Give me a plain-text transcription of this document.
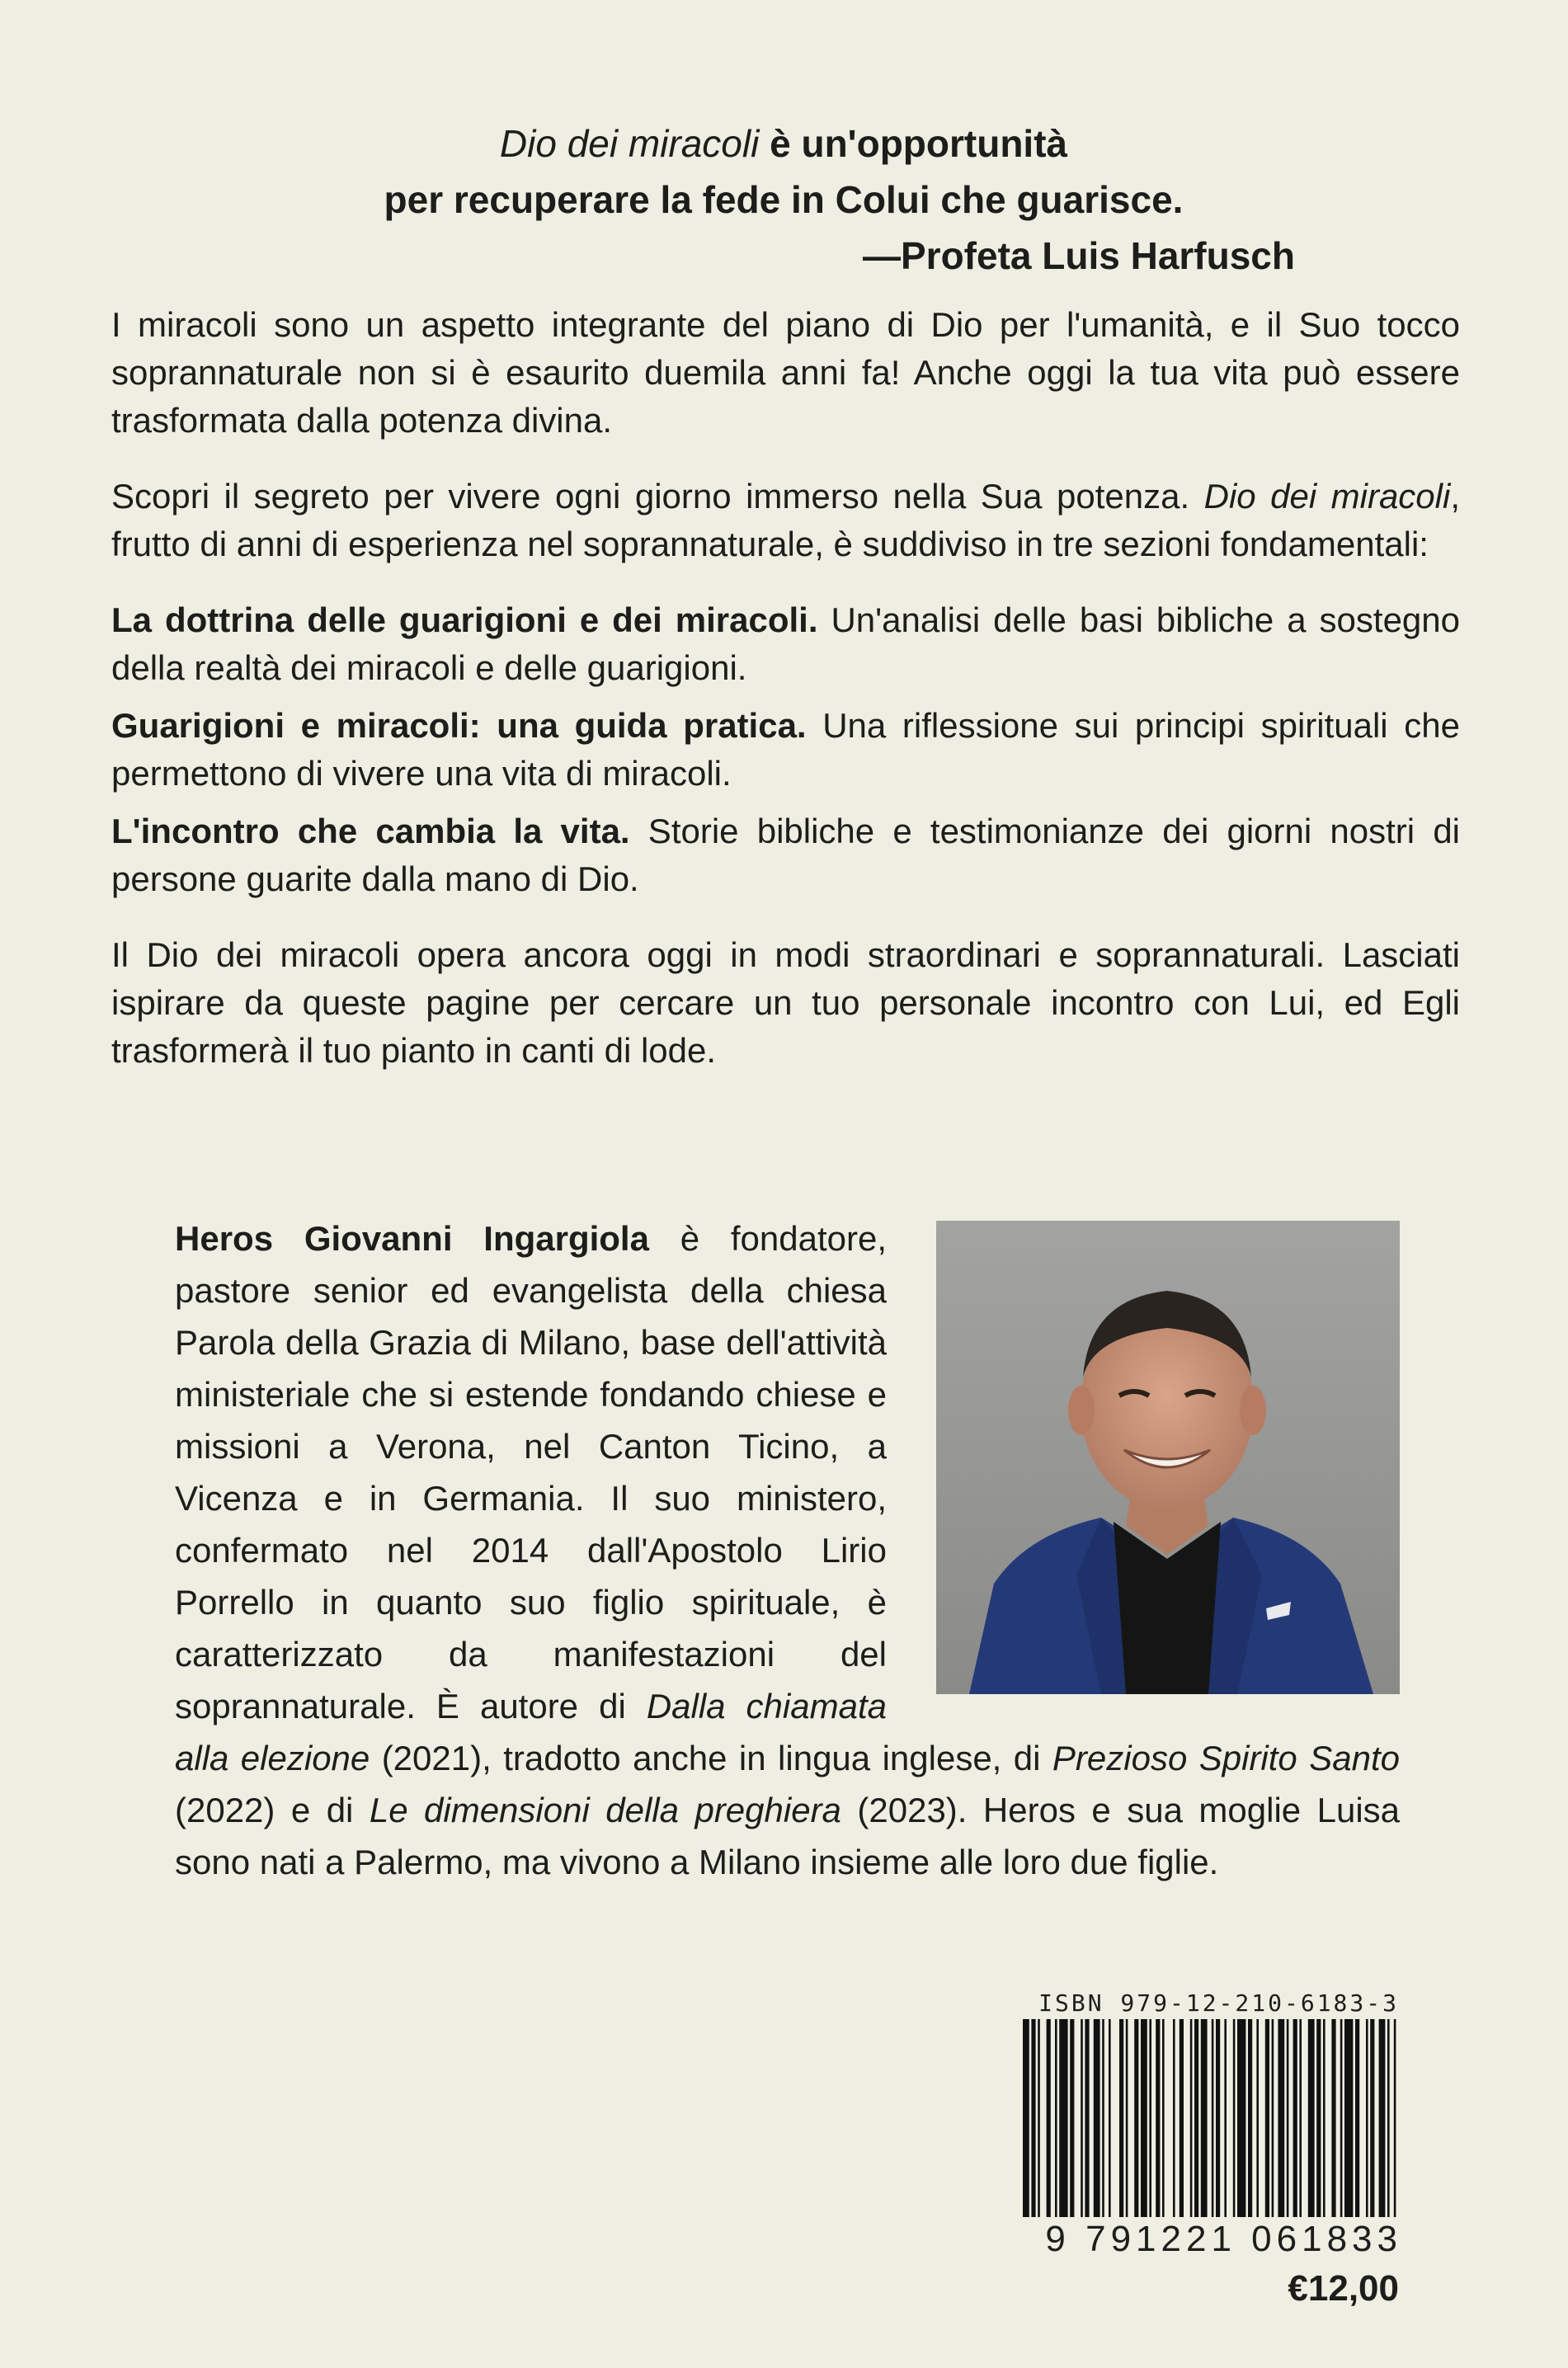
Dio dei miracoli è un'opportunità
per recuperare la fede in Colui che guarisce.
—Profeta Luis Harfusch

I miracoli sono un aspetto integrante del piano di Dio per l'umanità, e il Suo tocco soprannaturale non si è esaurito duemila anni fa! Anche oggi la tua vita può essere trasformata dalla potenza divina.

Scopri il segreto per vivere ogni giorno immerso nella Sua potenza. Dio dei miracoli, frutto di anni di esperienza nel soprannaturale, è suddiviso in tre sezioni fondamentali:

La dottrina delle guarigioni e dei miracoli. Un'analisi delle basi bibliche a sostegno della realtà dei miracoli e delle guarigioni.

Guarigioni e miracoli: una guida pratica. Una riflessione sui principi spirituali che permettono di vivere una vita di miracoli.

L'incontro che cambia la vita. Storie bibliche e testimonianze dei giorni nostri di persone guarite dalla mano di Dio.

Il Dio dei miracoli opera ancora oggi in modi straordinari e soprannaturali. Lasciati ispirare da queste pagine per cercare un tuo personale incontro con Lui, ed Egli trasformerà il tuo pianto in canti di lode.

Heros Giovanni Ingargiola è fondatore, pastore senior ed evangelista della chiesa Parola della Grazia di Milano, base dell'attività ministeriale che si estende fondando chiese e missioni a Verona, nel Canton Ticino, a Vicenza e in Germania. Il suo ministero, confermato nel 2014 dall'Apostolo Lirio Porrello in quanto suo figlio spirituale, è caratterizzato da manifestazioni del soprannaturale. È autore di Dalla chiamata alla elezione (2021), tradotto anche in lingua inglese, di Prezioso Spirito Santo (2022) e di Le dimensioni della preghiera (2023). Heros e sua moglie Luisa sono nati a Palermo, ma vivono a Milano insieme alle loro due figlie.

ISBN 979-12-210-6183-3
9 791221 061833
€12,00
